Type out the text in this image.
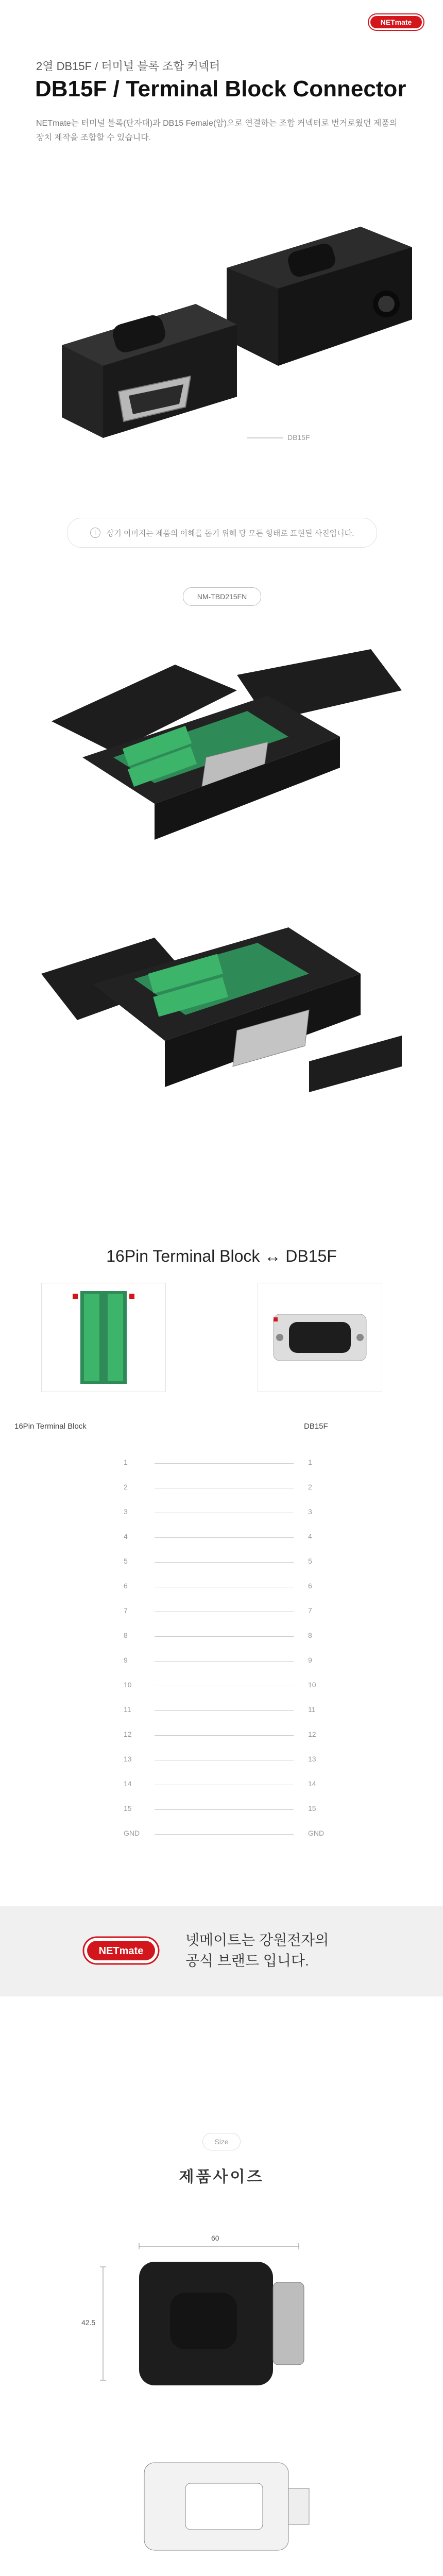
NETmate
2열 DB15F / 터미널 블록 조합 커넥터
DB15F / Terminal Block Connector
NETmate는 터미널 블록(단자대)과 DB15 Female(암)으로 연결하는 조합 커넥터로 번거로웠던 제품의 장치 제작을 조합할 수 있습니다.
DB15F
!	상기 이미지는 제품의 이해를 돕기 위해 당 모든 형태로 표현된 사진입니다.
NM-TBD215FN
16Pin Terminal Block ↔ DB15F
16Pin Terminal Block	DB15F
1	1
2	2
3	3
4	4
5	5
6	6
7	7
8	8
9	9
10	10
11	11
12	12
13	13
14	14
15	15
GND	GND
NETmate
넷메이트는 강원전자의
공식 브랜드 입니다.
Size
제품사이즈
60
42.5
